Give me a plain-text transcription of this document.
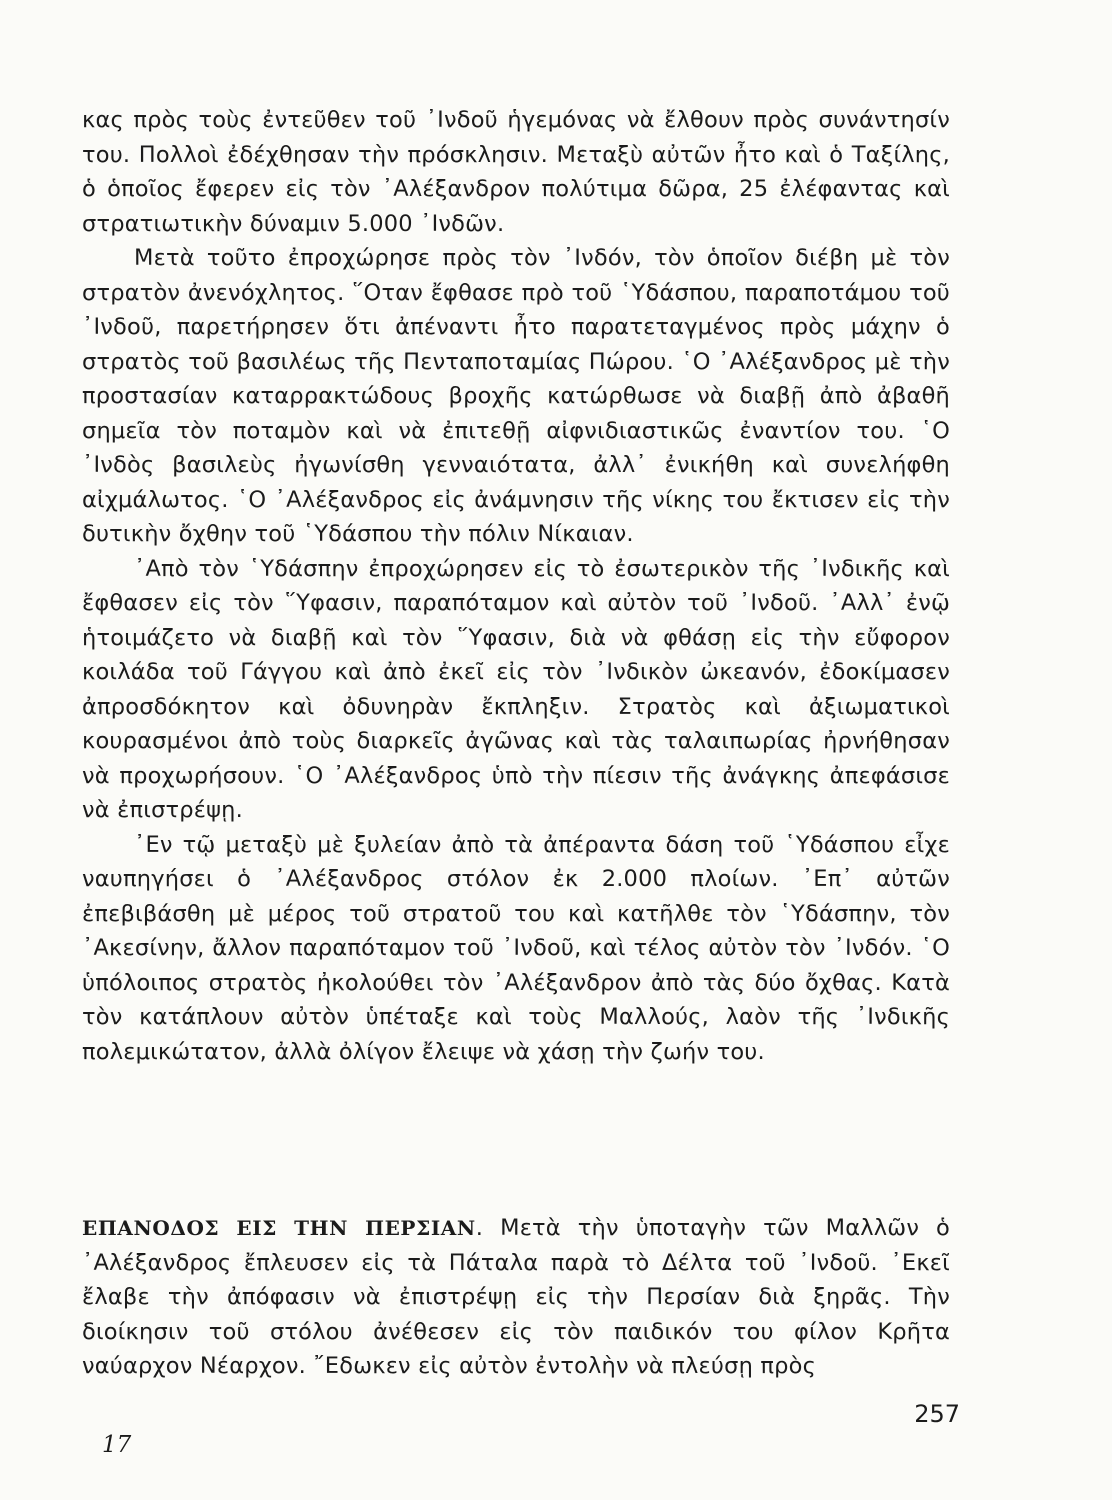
κας πρὸς τοὺς ἐντεῦθεν τοῦ ᾿Ινδοῦ ἡγεμόνας νὰ ἔλθουν πρὸς συνάντησίν του. Πολλοὶ ἐδέχθησαν τὴν πρόσκλησιν. Μεταξὺ αὐτῶν ἦτο καὶ ὁ Ταξίλης, ὁ ὁποῖος ἔφερεν εἰς τὸν ᾿Αλέξανδρον πολύτιμα δῶρα, 25 ἐλέφαντας καὶ στρατιωτικὴν δύναμιν 5.000 ᾿Ινδῶν.

Μετὰ τοῦτο ἐπροχώρησε πρὸς τὸν ᾿Ινδόν, τὸν ὁποῖον διέβη μὲ τὸν στρατὸν ἀνενόχλητος. ῞Οταν ἔφθασε πρὸ τοῦ ῾Υδάσπου, παραποτάμου τοῦ ᾿Ινδοῦ, παρετήρησεν ὅτι ἀπέναντι ἦτο παρατεταγμένος πρὸς μάχην ὁ στρατὸς τοῦ βασιλέως τῆς Πενταποταμίας Πώρου. ῾Ο ᾿Αλέξανδρος μὲ τὴν προστασίαν καταρρακτώδους βροχῆς κατώρθωσε νὰ διαβῇ ἀπὸ ἀβαθῆ σημεῖα τὸν ποταμὸν καὶ νὰ ἐπιτεθῇ αἰφνιδιαστικῶς ἐναντίον του. ῾Ο ᾿Ινδὸς βασιλεὺς ἠγωνίσθη γενναιότατα, ἀλλ᾿ ἐνικήθη καὶ συνελήφθη αἰχμάλωτος. ῾Ο ᾿Αλέξανδρος εἰς ἀνάμνησιν τῆς νίκης του ἔκτισεν εἰς τὴν δυτικὴν ὄχθην τοῦ ῾Υδάσπου τὴν πόλιν Νίκαιαν.

᾿Απὸ τὸν ῾Υδάσπην ἐπροχώρησεν εἰς τὸ ἐσωτερικὸν τῆς ᾿Ινδικῆς καὶ ἔφθασεν εἰς τὸν ῞Υφασιν, παραπόταμον καὶ αὐτὸν τοῦ ᾿Ινδοῦ. ᾿Αλλ᾿ ἐνῷ ἡτοιμάζετο νὰ διαβῇ καὶ τὸν ῞Υφασιν, διὰ νὰ φθάσῃ εἰς τὴν εὔφορον κοιλάδα τοῦ Γάγγου καὶ ἀπὸ ἐκεῖ εἰς τὸν ᾿Ινδικὸν ὠκεανόν, ἐδοκίμασεν ἀπροσδόκητον καὶ ὀδυνηρὰν ἔκπληξιν. Στρατὸς καὶ ἀξιωματικοὶ κουρασμένοι ἀπὸ τοὺς διαρκεῖς ἀγῶνας καὶ τὰς ταλαιπωρίας ἠρνήθησαν νὰ προχωρήσουν. ῾Ο ᾿Αλέξανδρος ὑπὸ τὴν πίεσιν τῆς ἀνάγκης ἀπεφάσισε νὰ ἐπιστρέψῃ.

᾿Εν τῷ μεταξὺ μὲ ξυλείαν ἀπὸ τὰ ἀπέραντα δάση τοῦ ῾Υδάσπου εἶχε ναυπηγήσει ὁ ᾿Αλέξανδρος στόλον ἐκ 2.000 πλοίων. ᾿Επ᾿ αὐτῶν ἐπεβιβάσθη μὲ μέρος τοῦ στρατοῦ του καὶ κατῆλθε τὸν ῾Υδάσπην, τὸν ᾿Ακεσίνην, ἄλλον παραπόταμον τοῦ ᾿Ινδοῦ, καὶ τέλος αὐτὸν τὸν ᾿Ινδόν. ῾Ο ὑπόλοιπος στρατὸς ἠκολούθει τὸν ᾿Αλέξανδρον ἀπὸ τὰς δύο ὄχθας. Κατὰ τὸν κατάπλουν αὐτὸν ὑπέταξε καὶ τοὺς Μαλλούς, λαὸν τῆς ᾿Ινδικῆς πολεμικώτατον, ἀλλὰ ὀλίγον ἔλειψε νὰ χάσῃ τὴν ζωήν του.

ΕΠΑΝΟΔΟΣ ΕΙΣ ΤΗΝ ΠΕΡΣΙΑΝ. Μετὰ τὴν ὑποταγὴν τῶν Μαλλῶν ὁ ᾿Αλέξανδρος ἔπλευσεν εἰς τὰ Πάταλα παρὰ τὸ Δέλτα τοῦ ᾿Ινδοῦ. ᾿Εκεῖ ἔλαβε τὴν ἀπόφασιν νὰ ἐπιστρέψῃ εἰς τὴν Περσίαν διὰ ξηρᾶς. Τὴν διοίκησιν τοῦ στόλου ἀνέθεσεν εἰς τὸν παιδικόν του φίλον Κρῆτα ναύαρχον Νέαρχον. ῎Εδωκεν εἰς αὐτὸν ἐντολὴν νὰ πλεύσῃ πρὸς

257
17
